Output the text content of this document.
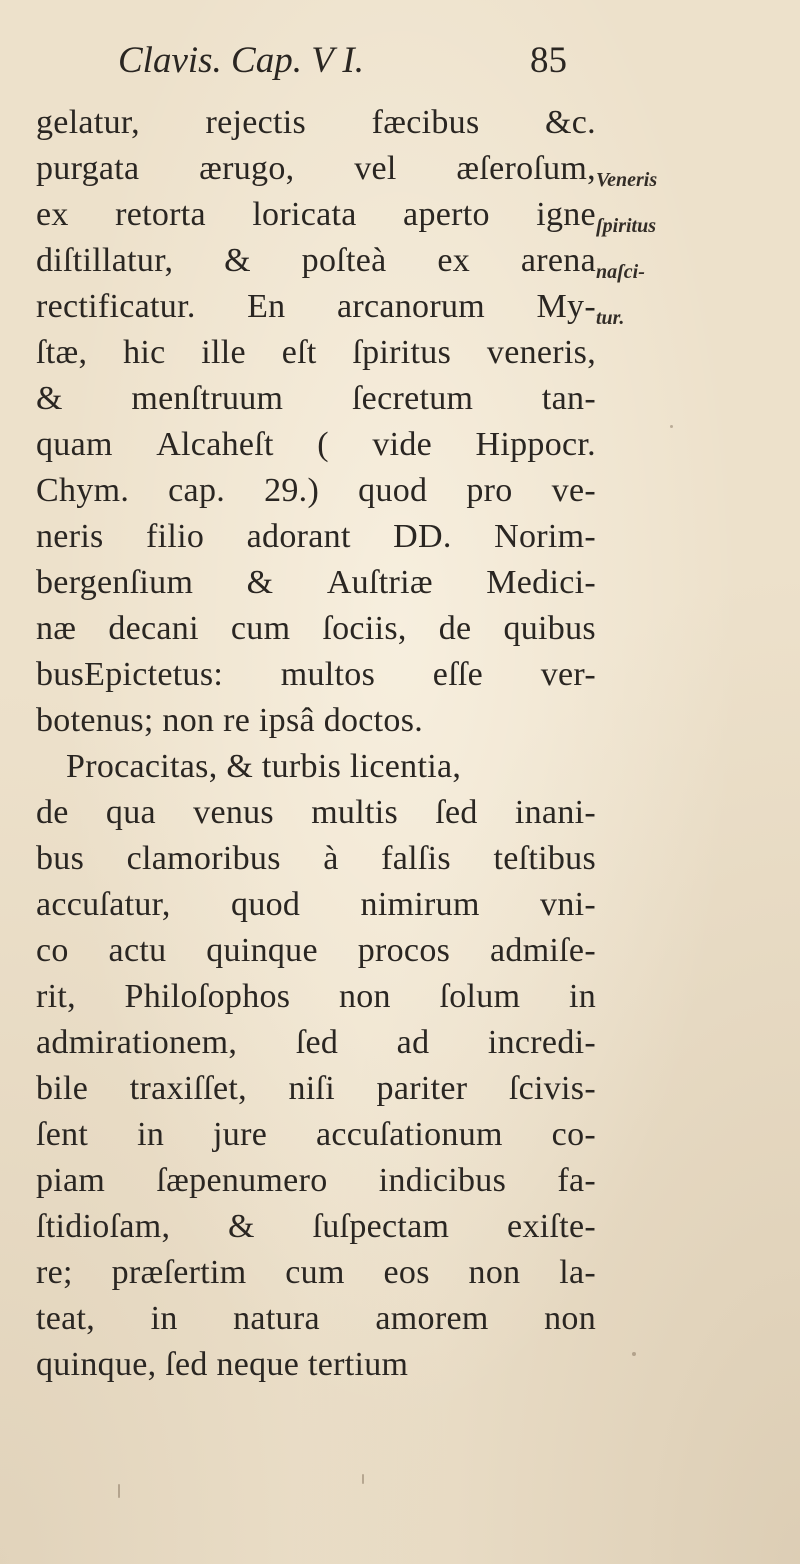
Clavis. Cap. V I.	85
gelatur, rejectis fæcibus &c.
purgata ærugo, vel æſeroſum,
ex retorta loricata aperto igne
diſtillatur, & poſteà ex arena
rectificatur. En arcanorum My-
ſtæ, hic ille eſt ſpiritus veneris,
& menſtruum ſecretum tan-
quam Alcaheſt ( vide Hippocr.
Chym. cap. 29.) quod pro ve-
neris filio adorant DD. Norim-
bergenſium & Auſtriæ Medici-
næ decani cum ſociis, de quibus
busEpictetus: multos eſſe ver-
botenus; non re ipsâ doctos.
Procacitas, & turbis licentia,
de qua venus multis ſed inani-
bus clamoribus à falſis teſtibus
accuſatur, quod nimirum vni-
co actu quinque procos admiſe-
rit, Philoſophos non ſolum in
admirationem, ſed ad incredi-
bile traxiſſet, niſi pariter ſcivis-
ſent in jure accuſationum co-
piam ſæpenumero indicibus fa-
ſtidioſam, & ſuſpectam exiſte-
re; præſertim cum eos non la-
teat, in natura amorem non
quinque, ſed neque tertium
Veneris
ſpiritus
naſci-
tur.
